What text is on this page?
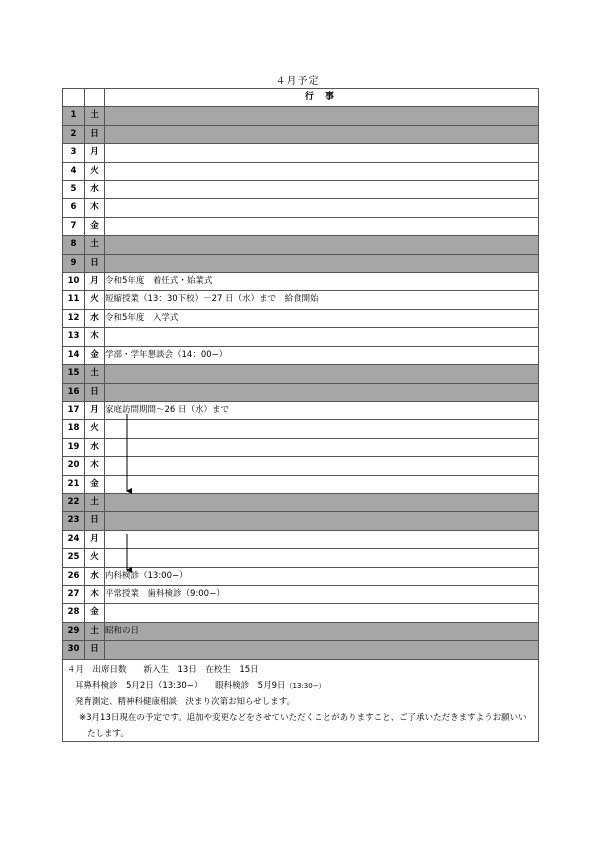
４月予定
		行 事
1	土	
2	日	
3	月	
4	火	
5	水	
6	木	
7	金	
8	土	
9	日	
10	月	令和5年度　着任式・始業式
11	火	短縮授業（13：30下校）－27 日（水）まで　給食開始
12	水	令和5年度　入学式
13	木	
14	金	学部・学年懇談会（14：00−）
15	土	
16	日	
17	月	家庭訪問期間～26 日（水）まで
18	火	
19	水	
20	木	
21	金	
22	土	
23	日	
24	月	
25	火	
26	水	内科検診（13:00−）
27	木	平常授業　歯科検診（9:00−）
28	金	
29	土	昭和の日
30	日	
４月　出席日数　　新入生　13日　在校生　15日
耳鼻科検診　5月2日（13:30−）　　眼科検診　5月9日（13:30−）
発育測定、精神科健康相談　決まり次第お知らせします。
※3月13日現在の予定です。追加や変更などをさせていただくことがありますこと、ご了承いただきますようお願いいたします。
